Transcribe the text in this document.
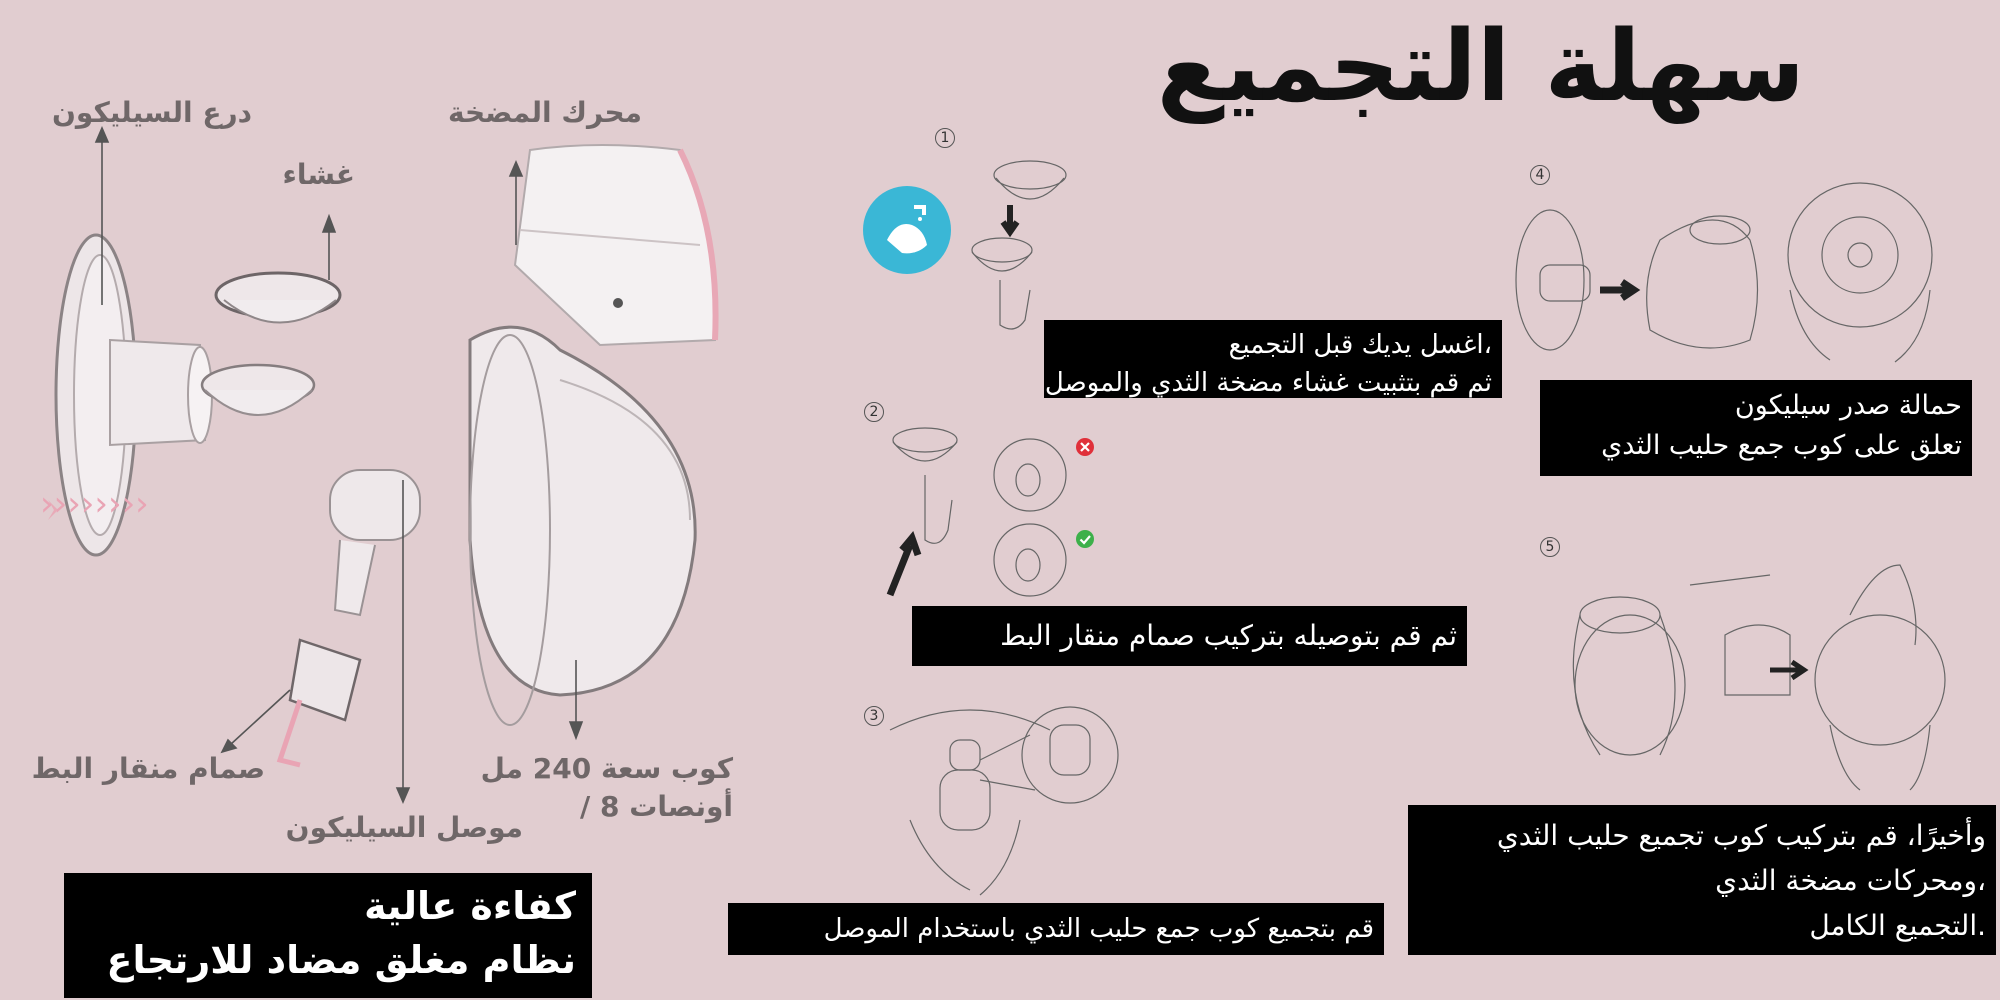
سهلة التجميع
››››››››
محرك المضخة
درع السيليكون
غشاء
صمام منقار البط
موصل السيليكون
كوب سعة 240 مل
أونصات 8 /
كفاءة عالية
نظام مغلق مضاد للارتجاع
1
،اغسل يديك قبل التجميع
ثم قم بتثبيت غشاء مضخة الثدي والموصل
2
ثم قم بتوصيله بتركيب صمام منقار البط
3
قم بتجميع كوب جمع حليب الثدي باستخدام الموصل
4
حمالة صدر سيليكون
تعلق على كوب جمع حليب الثدي
5
وأخيرًا، قم بتركيب كوب تجميع حليب الثدي
،ومحركات مضخة الثدي
.التجميع الكامل
